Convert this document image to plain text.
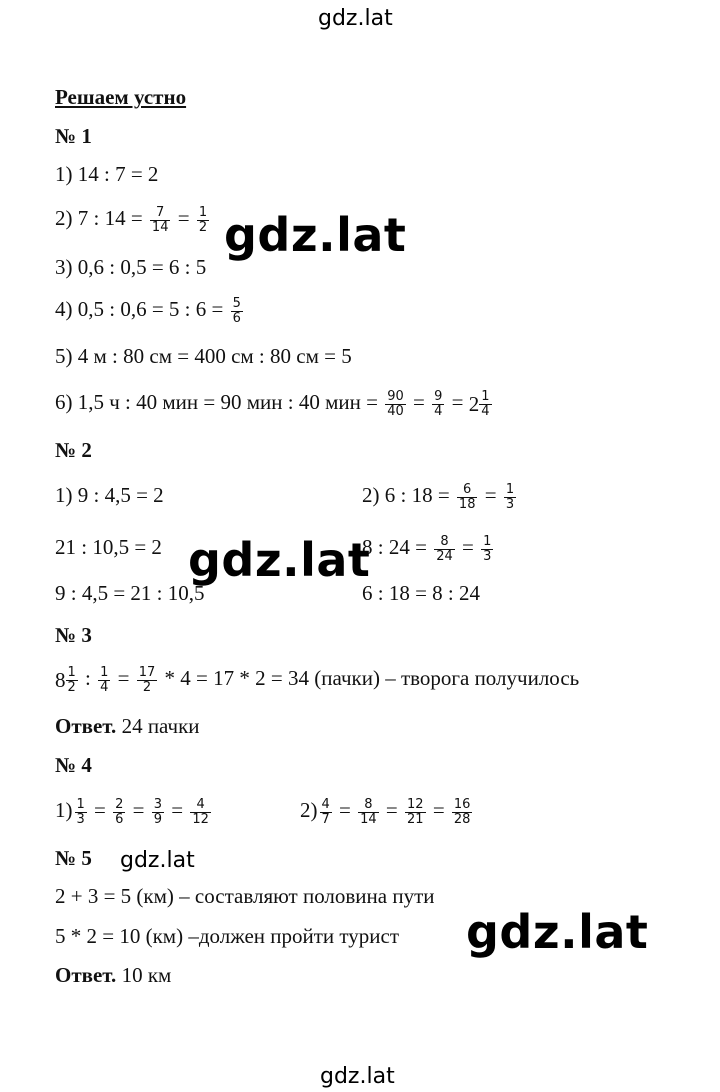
gdz.lat
gdz.lat
Решаем устно
№ 1
1) 14 : 7 = 2
2) 7 : $14 = \frac{7}{14} = \frac{1}{2}$
3) 0,6 : 0,5 = 6 : 5
4) 0,5 : 0,6 = 5 : $6 = \frac{5}{6}$
5) 4 м : 80 см = 400 см : 80 см = 5
6) 1,5 ч : 40 мин = 90 мин : 40 мин = $\frac{90}{40} = \frac{9}{4} = 2 \frac{1}{4}$
№ 2
1) 9 : 4,5 = 2
21 : 10,5 = 2
9 : 4,5 = 21 : 10,5
2) 6 : $18 = \frac{6}{18} = \frac{1}{3}$
8 : $24 = \frac{8}{24} = \frac{1}{3}$
6 : 18 = 8 : 24
№ 3
$8 \frac{1}{2}$ : $\frac{1}{4} = \frac{17}{2} * 4 = 17 * 2 = 34$ (пачки) – творога получилось
Ответ. 24 пачки
№ 4
$1) \frac{1}{3} = \frac{2}{6} = \frac{3}{9} = \frac{4}{12}$	$2) \frac{4}{7} = \frac{8}{14} = \frac{12}{21} = \frac{16}{28}$
№ 5
2 + 3 = 5 (км) – составляют половина пути
5 * 2 = 10 (км) –должен пройти турист
Ответ. 10 км
gdz.lat
gdz.lat
gdz.lat
gdz.lat
